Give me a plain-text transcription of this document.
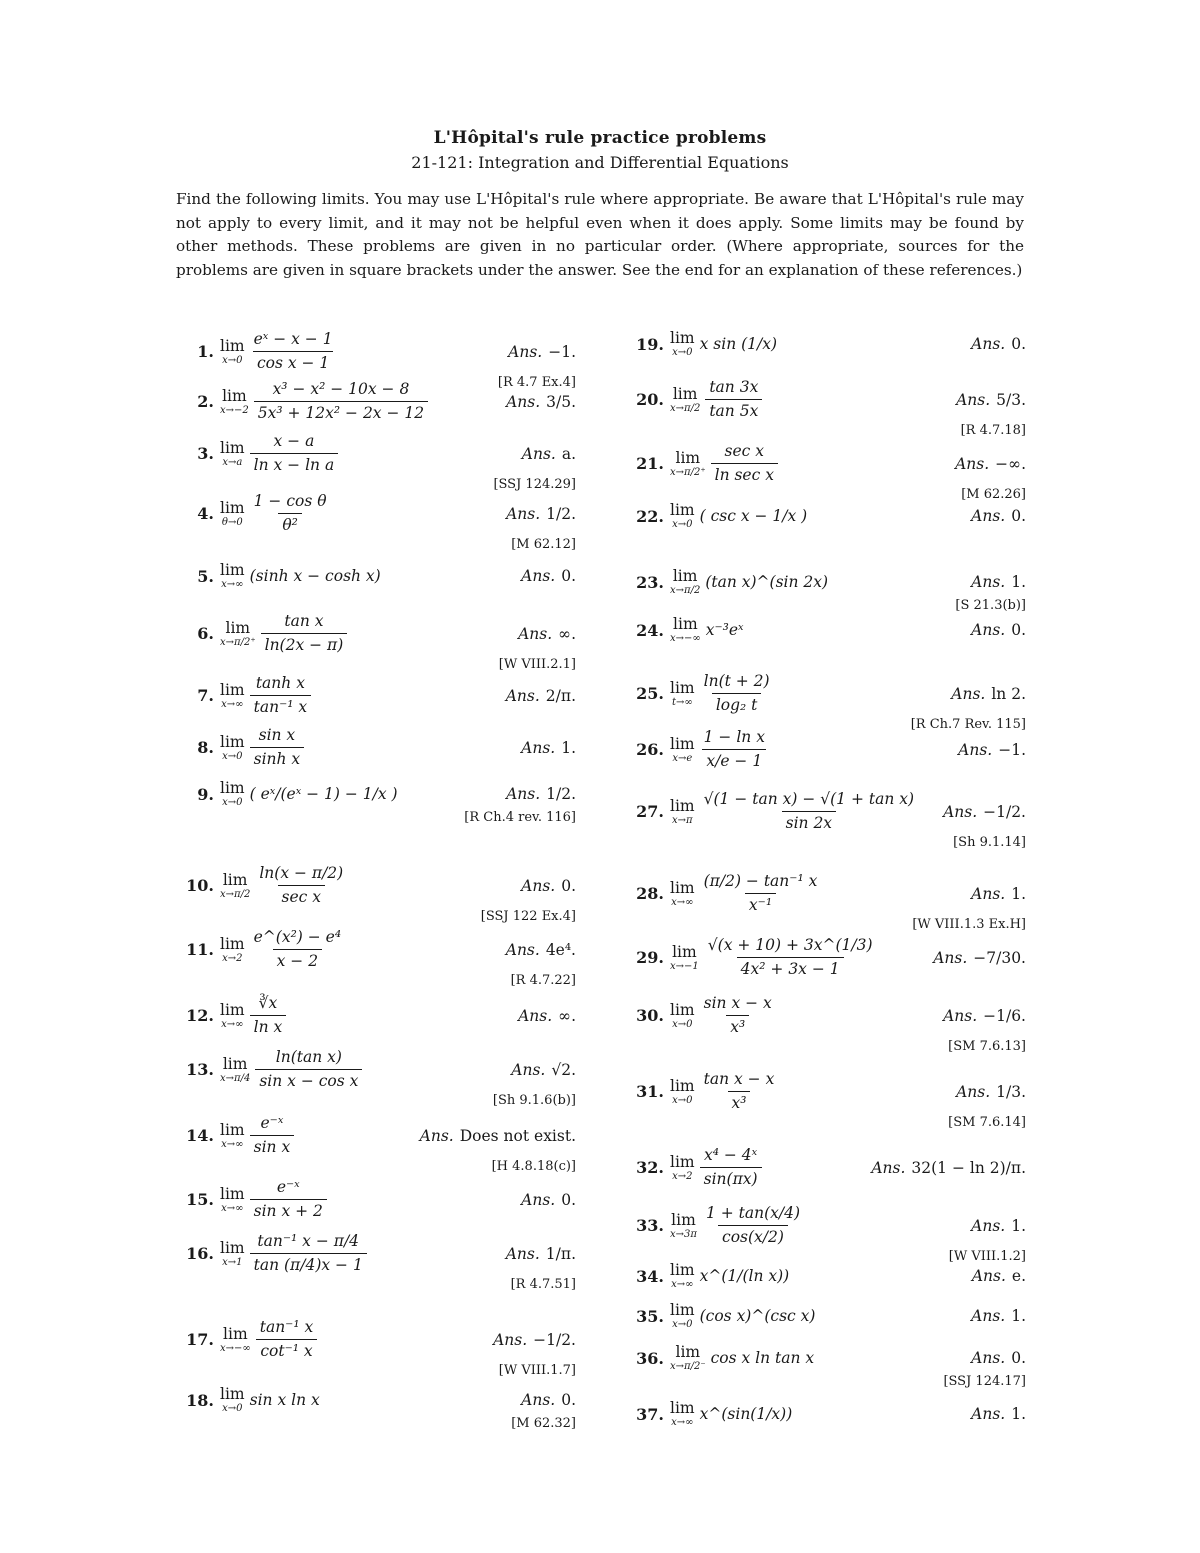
L'Hôpital's rule practice problems
21-121: Integration and Differential Equations
Find the following limits. You may use L'Hôpital's rule where appropriate. Be aware that L'Hôpital's rule may not apply to every limit, and it may not be helpful even when it does apply. Some limits may be found by other methods. These problems are given in no particular order. (Where appropriate, sources for the problems are given in square brackets under the answer. See the end for an explanation of these references.)
1. lim
$x\to 0 \frac{\text{eˣ − x − 1}}{\text{cos x − 1}}$	Ans. −1.
[R 4.7 Ex.4]
2. lim
$x\to-2 \frac{\text{x³ − x² − 10x − 8}}{\text{5x³ + 12x² − 2x − 12}}$	Ans. 3/5.
3. lim
$x\to a \frac{x - a}{\text{ln x − ln a}}$	Ans. a.
[SSJ 124.29]
4. lim
$\theta\to 0 \frac{\text{1 − cos θ}}{\text{θ²}}$	Ans. 1/2.
[M 62.12]
5. lim
x→∞ (sinh x − cosh x)	Ans. 0.
6. lim
$x\to\pi/2^+ \frac{\text{tan x}}{\ln(2x - \pi)}$	Ans. ∞.
[W VIII.2.1]
7. lim
$x\to\infty \frac{\text{tanh x}}{\text{tan⁻¹ x}}$	Ans. 2/π.
8. lim
$x\to 0 \frac{\text{sin x}}{\text{sinh x}}$	Ans. 1.
9. lim
x→0 ( eˣ/(eˣ − 1) − 1/x )	Ans. 1/2.
[R Ch.4 rev. 116]
10. lim
$x\to\pi/2 \frac{\ln(x - \pi/2)}{\text{sec x}}$	Ans. 0.
[SSJ 122 Ex.4]
11. lim
$x\to 2 \frac{\text{e\textasciicircum{}(x²) − e⁴}}{x - 2}$	Ans. 4e⁴.
[R 4.7.22]
12. lim
$x\to\infty \frac{∛x}{\text{ln x}}$	Ans. ∞.
13. lim
$x\to\pi/4 \frac{\text{ln(tan x)}}{\text{sin x − cos x}}$	Ans. √2.
[Sh 9.1.6(b)]
14. lim
$x\to\infty \frac{\text{e⁻ˣ}}{\text{sin x}}$	Ans. Does not exist.
[H 4.8.18(c)]
15. lim
$x\to\infty \frac{\text{e⁻ˣ}}{\text{sin x + 2}}$	Ans. 0.
16. lim
$x\to 1 \frac{\text{tan⁻¹ x − π/4}}{\tan (\pi/4)x - 1}$	Ans. 1/π.
[R 4.7.51]
17. lim
$x\to-\infty \frac{\text{tan⁻¹ x}}{\text{cot⁻¹ x}}$	Ans. −1/2.
[W VIII.1.7]
18. lim
x→0 sin x ln x	Ans. 0.
[M 62.32]
19. lim
x→0 x sin (1/x)	Ans. 0.
20. lim
$x\to\pi/2 \frac{\tan 3x}{\tan 5x}$	Ans. 5/3.
[R 4.7.18]
21. lim
$x\to\pi/2^+ \frac{\text{sec x}}{\text{ln sec x}}$	Ans. −∞.
[M 62.26]
22. lim
x→0 ( csc x − 1/x )	Ans. 0.
23. lim
x→π/2 (tan x)^(sin 2x)	Ans. 1.
[S 21.3(b)]
24. lim
x→−∞ x⁻³eˣ	Ans. 0.
25. lim
$t\to\infty \frac{\ln(t + 2)}{\text{log₂ t}}$	Ans. ln 2.
[R Ch.7 Rev. 115]
26. lim
$x\to e \frac{\text{1 − ln x}}{x/e - 1}$	Ans. −1.
27. lim
$x\to\pi \frac{\text{√(1 − tan x) − √(1 + tan x)}}{\sin 2x}$ Ans. −1/2.
[Sh 9.1.14]
28. lim
$x\to\infty \frac{\text{(π/2) − tan⁻¹ x}}{\text{x⁻¹}}$	Ans. 1.
[W VIII.1.3 Ex.H]
29. lim
$x\to-1 \frac{√(x + 10) + 3x\^{}(1/3)}{\text{4x² + 3x − 1}}$	Ans. −7/30.
30. lim
$x\to 0 \frac{\text{sin x − x}}{\text{x³}}$	Ans. −1/6.
[SM 7.6.13]
31. lim
$x\to 0 \frac{\text{tan x − x}}{\text{x³}}$	Ans. 1/3.
[SM 7.6.14]
32. lim
$x\to 2 \frac{\text{x⁴ − 4ˣ}}{\sin(\pi x)}$	Ans. 32(1 − ln 2)/π.
33. lim
$x\to 3\pi \frac{1 + \tan(x/4)}{\cos(x/2)}$	Ans. 1.
[W VIII.1.2]
34. lim
x→∞ x^(1/(ln x))	Ans. e.
35. lim
x→0 (cos x)^(csc x)	Ans. 1.
36. lim
x→π/2⁻ cos x ln tan x	Ans. 0.
[SSJ 124.17]
37. lim
x→∞ x^(sin(1/x))	Ans. 1.
